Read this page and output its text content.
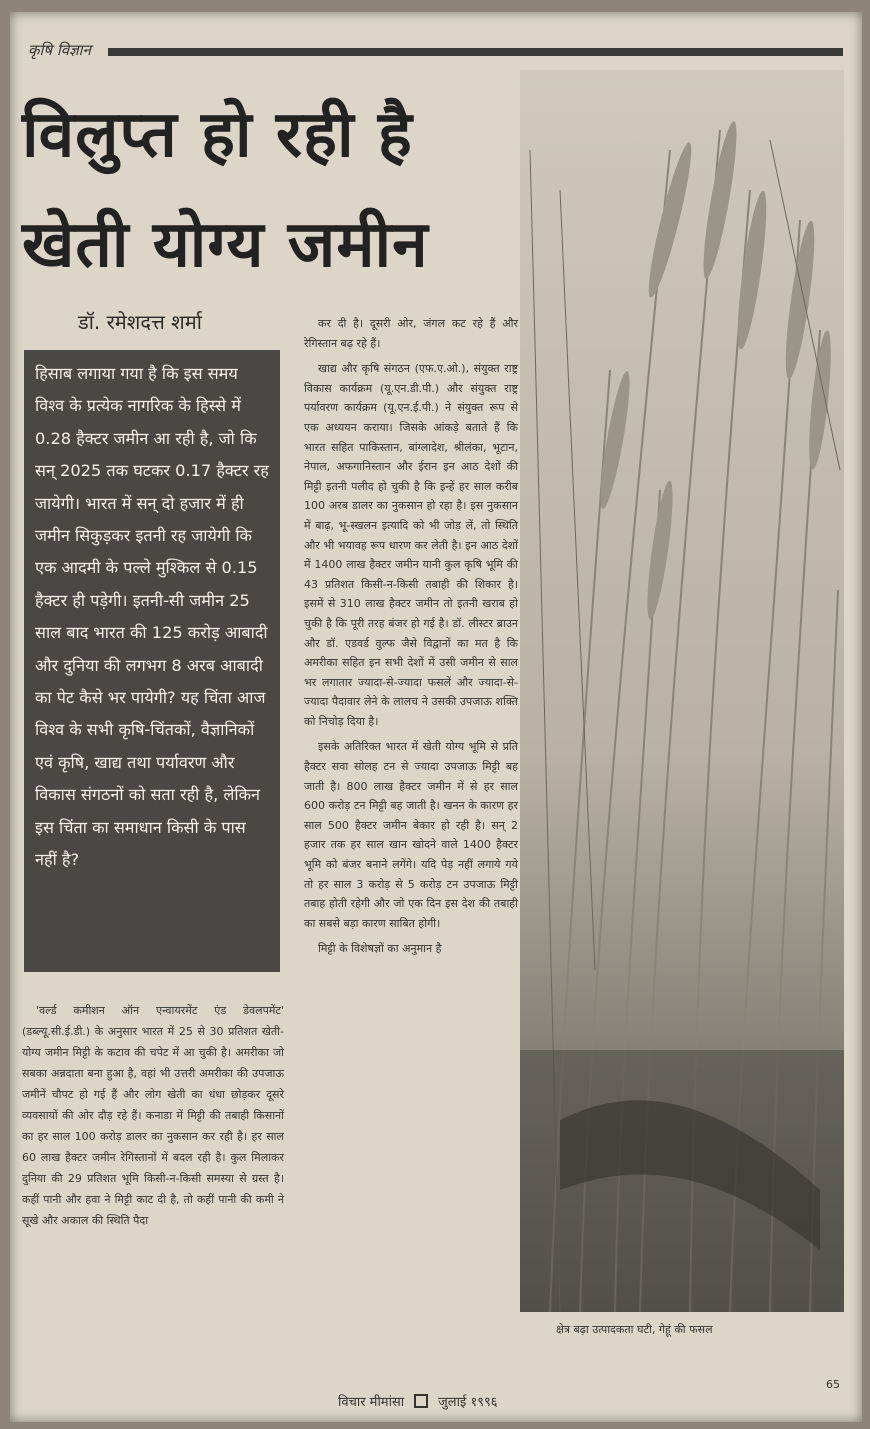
कृषि विज्ञान
विलुप्त हो रही है
खेती योग्य जमीन
डॉ. रमेशदत्त शर्मा
हिसाब लगाया गया है कि इस समय विश्व के प्रत्येक नागरिक के हिस्से में 0.28 हैक्टर जमीन आ रही है, जो कि सन् 2025 तक घटकर 0.17 हैक्टर रह जायेगी। भारत में सन् दो हजार में ही जमीन सिकुड़कर इतनी रह जायेगी कि एक आदमी के पल्ले मुश्किल से 0.15 हैक्टर ही पड़ेगी। इतनी-सी जमीन 25 साल बाद भारत की 125 करोड़ आबादी और दुनिया की लगभग 8 अरब आबादी का पेट कैसे भर पायेगी? यह चिंता आज विश्व के सभी कृषि-चिंतकों, वैज्ञानिकों एवं कृषि, खाद्य तथा पर्यावरण और विकास संगठनों को सता रही है, लेकिन इस चिंता का समाधान किसी के पास नहीं है?

'वर्ल्ड कमीशन ऑन एन्वायरमेंट एंड डेवलपमेंट' (डब्ल्यू.सी.ई.डी.) के अनुसार भारत में 25 से 30 प्रतिशत खेती-योग्य जमीन मिट्टी के कटाव की चपेट में आ चुकी है। अमरीका जो सबका अन्नदाता बना हुआ है, वहां भी उत्तरी अमरीका की उपजाऊ जमीनें चौपट हो गई हैं और लोग खेती का धंधा छोड़कर दूसरे व्यवसायों की ओर दौड़ रहे हैं। कनाडा में मिट्टी की तबाही किसानों का हर साल 100 करोड़ डालर का नुकसान कर रही है। हर साल 60 लाख हैक्टर जमीन रेगिस्तानों में बदल रही है। कुल मिलाकर दुनिया की 29 प्रतिशत भूमि किसी-न-किसी समस्या से ग्रस्त है। कहीं पानी और हवा ने मिट्टी काट दी है, तो कहीं पानी की कमी ने सूखे और अकाल की स्थिति पैदा

कर दी है। दूसरी ओर, जंगल कट रहे हैं और रेगिस्तान बढ़ रहे हैं।

खाद्य और कृषि संगठन (एफ.ए.ओ.), संयुक्त राष्ट्र विकास कार्यक्रम (यू.एन.डी.पी.) और संयुक्त राष्ट्र पर्यावरण कार्यक्रम (यू.एन.ई.पी.) ने संयुक्त रूप से एक अध्ययन कराया। जिसके आंकड़े बताते हैं कि भारत सहित पाकिस्तान, बांग्लादेश, श्रीलंका, भूटान, नेपाल, अफगानिस्तान और ईरान इन आठ देशों की मिट्टी इतनी पलीद हो चुकी है कि इन्हें हर साल करीब 100 अरब डालर का नुकसान हो रहा है। इस नुकसान में बाढ़, भू-स्खलन इत्यादि को भी जोड़ लें, तो स्थिति और भी भयावह रूप धारण कर लेती है। इन आठ देशों में 1400 लाख हैक्टर जमीन यानी कुल कृषि भूमि की 43 प्रतिशत किसी-न-किसी तबाही की शिकार है। इसमें से 310 लाख हैक्टर जमीन तो इतनी खराब हो चुकी है कि पूरी तरह बंजर हो गई है। डॉ. लीस्टर ब्राउन और डॉ. एडवर्ड वुल्फ जैसे विद्वानों का मत है कि अमरीका सहित इन सभी देशों में उसी जमीन से साल भर लगातार ज्यादा-से-ज्यादा फसलें और ज्यादा-से-ज्यादा पैदावार लेने के लालच ने उसकी उपजाऊ शक्ति को निचोड़ दिया है।

इसके अतिरिक्त भारत में खेती योग्य भूमि से प्रति हैक्टर सवा सोलह टन से ज्यादा उपजाऊ मिट्टी बह जाती है। 800 लाख हैक्टर जमीन में से हर साल 600 करोड़ टन मिट्टी बह जाती है। खनन के कारण हर साल 500 हैक्टर जमीन बेकार हो रही है। सन् 2 हजार तक हर साल खान खोदने वाले 1400 हैक्टर भूमि को बंजर बनाने लगेंगे। यदि पेड़ नहीं लगाये गये तो हर साल 3 करोड़ से 5 करोड़ टन उपजाऊ मिट्टी तबाह होती रहेगी और जो एक दिन इस देश की तबाही का सबसे बड़ा कारण साबित होगी।

मिट्टी के विशेषज्ञों का अनुमान है

क्षेत्र बढ़ा उत्पादकता घटी, गेहूं की फसल
65
विचार मीमांसा	जुलाई १९९६
